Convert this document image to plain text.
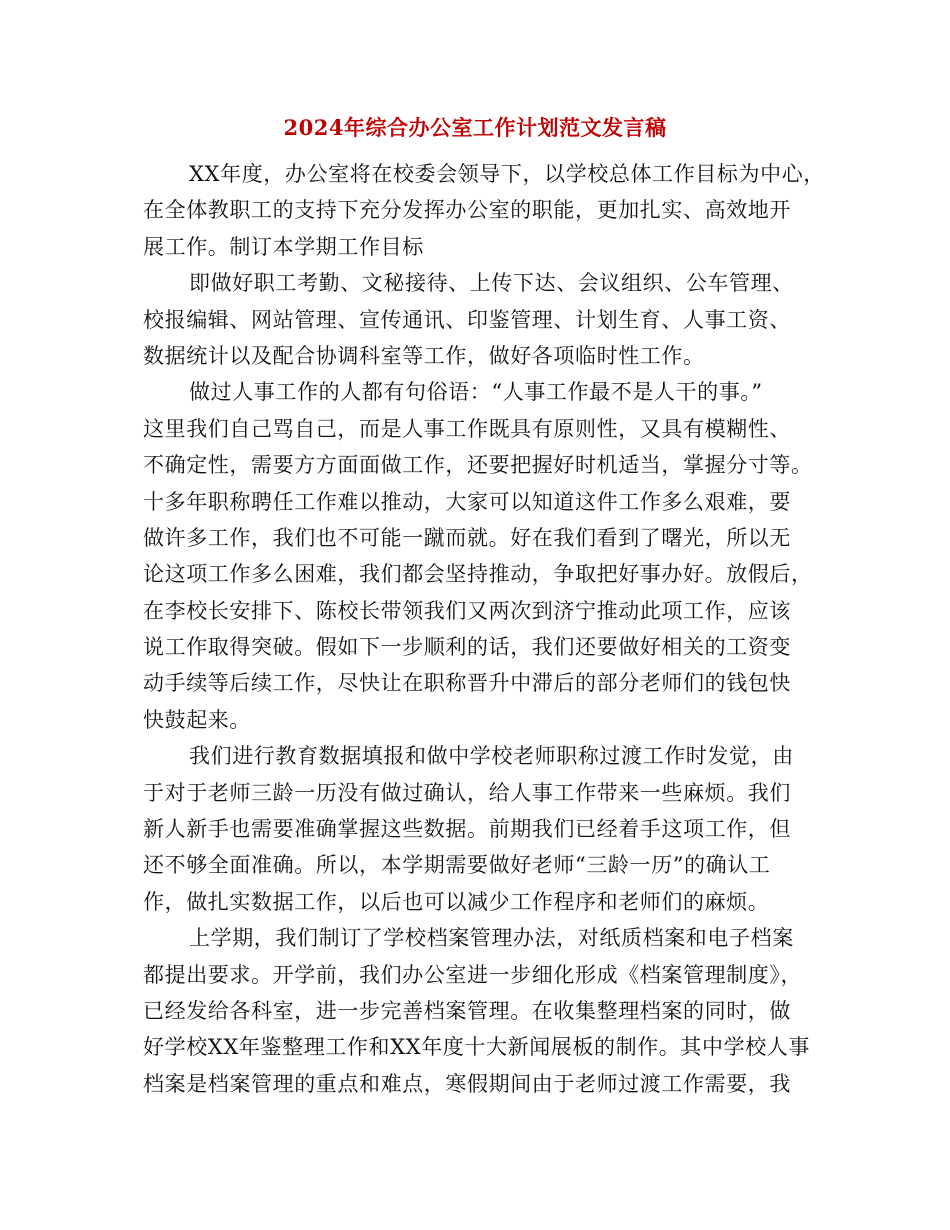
2024年综合办公室工作计划范文发言稿
XX年度，办公室将在校委会领导下，以学校总体工作目标为中心，
在全体教职工的支持下充分发挥办公室的职能，更加扎实、高效地开
展工作。制订本学期工作目标
即做好职工考勤、文秘接待、上传下达、会议组织、公车管理、
校报编辑、网站管理、宣传通讯、印鉴管理、计划生育、人事工资、
数据统计以及配合协调科室等工作，做好各项临时性工作。
做过人事工作的人都有句俗语：“人事工作最不是人干的事。”
这里我们自己骂自己，而是人事工作既具有原则性，又具有模糊性、
不确定性，需要方方面面做工作，还要把握好时机适当，掌握分寸等。
十多年职称聘任工作难以推动，大家可以知道这件工作多么艰难，要
做许多工作，我们也不可能一蹴而就。好在我们看到了曙光，所以无
论这项工作多么困难，我们都会坚持推动，争取把好事办好。放假后，
在李校长安排下、陈校长带领我们又两次到济宁推动此项工作，应该
说工作取得突破。假如下一步顺利的话，我们还要做好相关的工资变
动手续等后续工作，尽快让在职称晋升中滞后的部分老师们的钱包快
快鼓起来。
我们进行教育数据填报和做中学校老师职称过渡工作时发觉，由
于对于老师三龄一历没有做过确认，给人事工作带来一些麻烦。我们
新人新手也需要准确掌握这些数据。前期我们已经着手这项工作，但
还不够全面准确。所以，本学期需要做好老师“三龄一历”的确认工
作，做扎实数据工作，以后也可以减少工作程序和老师们的麻烦。
上学期，我们制订了学校档案管理办法，对纸质档案和电子档案
都提出要求。开学前，我们办公室进一步细化形成《档案管理制度》，
已经发给各科室，进一步完善档案管理。在收集整理档案的同时，做
好学校XX年鉴整理工作和XX年度十大新闻展板的制作。其中学校人事
档案是档案管理的重点和难点，寒假期间由于老师过渡工作需要，我
